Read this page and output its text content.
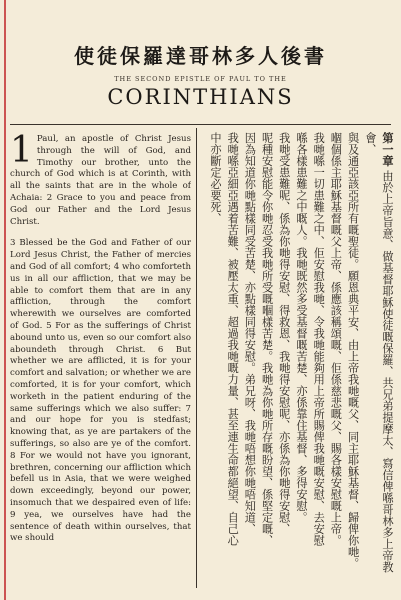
使徒保羅達哥林多人後書
THE SECOND EPISTLE OF PAUL TO THE
CORINTHIANS

1 Paul, an apostle of Christ Jesus through the will of God, and Timothy our brother, unto the church of God which is at Corinth, with all the saints that are in the whole of Achaia: 2 Grace to you and peace from God our Father and the Lord Jesus Christ.

3 Blessed be the God and Father of our Lord Jesus Christ, the Father of mercies and God of all comfort; 4 who comforteth us in all our affliction, that we may be able to comfort them that are in any affliction, through the comfort wherewith we ourselves are comforted of God. 5 For as the sufferings of Christ abound unto us, even so our comfort also aboundeth through Christ. 6 But whether we are afflicted, it is for your comfort and salvation; or whether we are comforted, it is for your comfort, which worketh in the patient enduring of the same sufferings which we also suffer: 7 and our hope for you is stedfast; knowing that, as ye are partakers of the sufferings, so also are ye of the comfort. 8 For we would not have you ignorant, brethren, concerning our affliction which befell us in Asia, that we were weighed down exceedingly, beyond our power, insomuch that we despaired even of life: 9 yea, we ourselves have had the sentence of death within ourselves, that we should

第一章 由於上帝旨意、做基督耶穌使徒嘅保羅、共兄弟提摩太、寫信俾喺哥林多上帝教會、

與及通亞該亞所有嘅聖徒。願恩典平安、由上帝我哋嘅父、同主耶穌基督、歸俾你哋。

嗰個係主耶穌基督嘅父上帝、係應該稱頌嘅、佢係慈悲嘅父、賜各樣安慰嘅上帝。

我哋喺一切患難之中、佢安慰我哋、令我哋能夠用上帝所賜俾我哋嘅安慰、去安慰

喺各樣患難之中嘅人。我哋既然多受基督嘅苦楚、亦係靠住基督、多得安慰。

我哋受患難呢、係為你哋得安慰、得救恩、我哋得安慰呢、亦係為你哋得安慰、

呢種安慰能令你哋忍受我哋所受嘅嗰樣苦楚。我哋為你哋所存嘅盼望、係堅定嘅、

因為知道你哋點樣同受苦楚、亦點樣同得安慰。弟兄呀、我哋唔想你哋唔知道、

我哋喺亞細亞遇着苦難、被壓太重、超過我哋嘅力量、甚至連生命都絕望、自己心

中亦斷定必要死、
